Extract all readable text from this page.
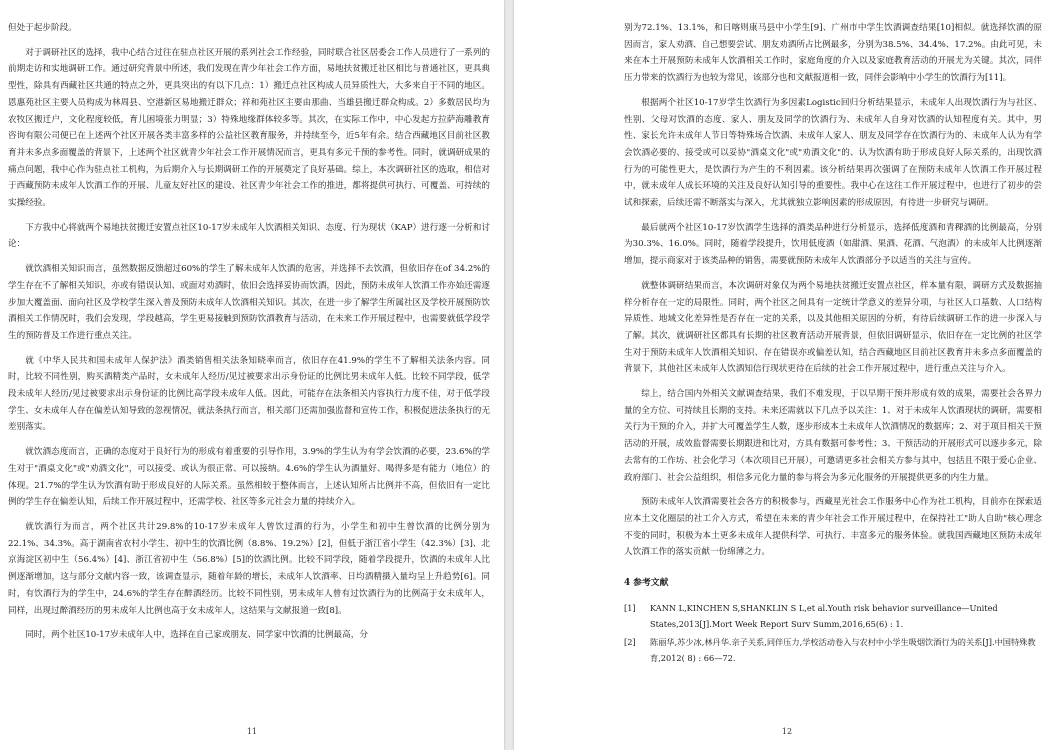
但处于起步阶段。

对于调研社区的选择，我中心结合过往在驻点社区开展的系列社会工作经验，同时联合社区居委会工作人员进行了一系列的前期走访和实地调研工作。通过研究背景中所述，我们发现在青少年社会工作方面，易地扶贫搬迁社区相比与普通社区，更具典型性，除具有西藏社区共通的特点之外，更具突出的有以下几点：1）搬迁点社区构成人员异质性大，大多来自于不同的地区。恩惠苑社区主要人员构成为林周县、空港新区易地搬迁群众；祥和苑社区主要由那曲、当雄县搬迁群众构成。2）多数居民均为农牧区搬迁户，文化程度较低，育儿困境张力明显；3）特殊地缘群体较多等。其次，在实际工作中，中心发起方拉萨海雕教育咨询有限公司便已在上述两个社区开展各类丰富多样的公益社区教育服务，并持续至今，近5年有余。结合西藏地区目前社区教育并未多点多面覆盖的背景下，上述两个社区就青少年社会工作开展情况而言，更具有多元千预的参考性。同时，就调研成果的痛点问题，我中心作为驻点社工机构，为后期介入与长期调研工作的开展奠定了良好基础。综上，本次调研社区的选取，相信对于西藏预防未成年人饮酒工作的开展、儿童友好社区的建设、社区青少年社会工作的推进，都将提供可执行、可覆盖、可持续的实操经验。

下方我中心将就两个易地扶贫搬迁安置点社区10-17岁未成年人饮酒相关知识、态度、行为现状（KAP）进行逐一分析和讨论：

就饮酒相关知识而言，虽然数据反馈超过60%的学生了解未成年人饮酒的危害，并选择不去饮酒，但依旧存在of 34.2%的学生存在不了解相关知识，亦或有错误认知、或面对劝酒时，依旧会选择妥协而饮酒，因此，预防未成年人饮酒工作亦始还需逐步加大覆盖面、面向社区及学校学生深入普及预防未成年人饮酒相关知识。其次，在进一步了解学生所属社区及学校开展预防饮酒相关工作情况时，我们会发现，学段越高，学生更易接触到预防饮酒教育与活动，在未来工作开展过程中，也需要就低学段学生的预防普及工作进行重点关注。

就《中华人民共和国未成年人保护法》酒类销售相关法条知晓率而言，依旧存在41.9%的学生不了解相关法条内容。同时，比较不同性别，购买酒精类产品时，女未成年人经历/见过被要求出示身份证的比例比男未成年人低。比较不同学段，低学段未成年人经历/见过被要求出示身份证的比例比高学段未成年人低。因此，可能存在法条相关内容执行力度不佳，对于低学段学生、女未成年人存在偏差认知导致的忽视情况，就法条执行而言，相关部门还需加强监督和宣传工作，积极促进法条执行的无差别落实。

就饮酒态度而言，正确的态度对于良好行为的形成有着重要的引导作用，3.9%的学生认为有学会饮酒的必要，23.6%的学生对于"酒桌文化"或"劝酒文化"，可以接受、或认为很正常、可以接纳。4.6%的学生认为酒量好、喝得多是有能力（地位）的体现。21.7%的学生认为饮酒有助于形成良好的人际关系。虽然相较于整体而言，上述认知所占比例并不高，但依旧有一定比例的学生存在偏差认知，后续工作开展过程中，还需学校、社区等多元社会力量的持续介入。

就饮酒行为而言，两个社区共计29.8%的10-17岁未成年人曾饮过酒的行为，小学生和初中生曾饮酒的比例分别为22.1%、34.3%。高于湖南省农村小学生、初中生的饮酒比例（8.8%、19.2%）[2]，但低于浙江省小学生（42.3%）[3]、北京海淀区初中生（56.4%）[4]、浙江省初中生（56.8%）[5]的饮酒比例。比较不同学段，随着学段提升，饮酒的未成年人比例逐渐增加，这与部分文献内容一致，该调查显示，随着年龄的增长，未成年人饮酒率、日均酒精摄入量均呈上升趋势[6]。同时，有饮酒行为的学生中，24.6%的学生存在醉酒经历。比较不同性别，男未成年人曾有过饮酒行为的比例高于女未成年人，同样，出现过醉酒经历的男未成年人比例也高于女未成年人，这结果与文献报道一致[8]。

同时，两个社区10-17岁未成年人中，选择在自己家或朋友、同学家中饮酒的比例最高，分

11

别为72.1%、13.1%，和日喀则康马县中小学生[9]、广州市中学生饮酒调查结果[10]相似。就选择饮酒的原因而言，家人劝酒、自己想要尝试、朋友劝酒所占比例最多，分别为38.5%、34.4%、17.2%。由此可见，未来在本土开展预防未成年人饮酒相关工作时，家庭角度的介入以及家庭教育活动的开展尤为关键。其次，同伴压力带来的饮酒行为也较为常见，该部分也和文献报道相一致，同伴会影响中小学生的饮酒行为[11]。

根据两个社区10-17岁学生饮酒行为多因素Logistic回归分析结果显示，未成年人出现饮酒行为与社区、性别、父母对饮酒的态度、家人、朋友及同学的饮酒行为、未成年人自身对饮酒的认知程度有关。其中，男性、家长允许未成年人节日等特殊场合饮酒、未成年人家人、朋友及同学存在饮酒行为的、未成年人认为有学会饮酒必要的、接受或可以妥协"酒桌文化"或"劝酒文化"的、认为饮酒有助于形成良好人际关系的，出现饮酒行为的可能性更大，是饮酒行为产生的不利因素。该分析结果再次强调了在预防未成年人饮酒工作开展过程中，就未成年人成长环境的关注及良好认知引导的重要性。我中心在这往工作开展过程中，也进行了初步的尝试和探索，后续还需不断落实与深入，尤其就独立影响因素的形成原因，有待进一步研究与调研。

最后就两个社区10-17岁饮酒学生选择的酒类品种进行分析显示，选择低度酒和青稞酒的比例最高，分别为30.3%、16.0%。同时，随着学段提升，饮用低度酒（如甜酒、果酒、花酒、气泡酒）的未成年人比例逐渐增加，提示商家对于该类品种的销售，需要就预防未成年人饮酒部分予以适当的关注与宣传。

就整体调研结果而言，本次调研对象仅为两个易地扶贫搬迁安置点社区，样本量有限，调研方式及数据抽样分析存在一定的局限性。同时，两个社区之间具有一定统计学意义的差异分项，与社区人口基数、人口结构异质性、地域文化差异性是否存在一定的关系，以及其他相关原因的分析，有待后续调研工作的进一步深入与了解。其次，就调研社区都具有长期的社区教育活动开展背景，但依旧调研显示，依旧存在一定比例的社区学生对于预防未成年人饮酒相关知识、存在错误亦或偏差认知，结合西藏地区目前社区教育并未多点多面覆盖的背景下，其他社区未成年人饮酒知信行现状更待在后续的社会工作开展过程中，进行重点关注与介入。

综上，结合国内外相关文献调查结果，我们不难发现，于以早期干预并形成有效的成果，需要社会各界力量的全方位、可持续且长期的支持。未来还需就以下几点予以关注：1、对于未成年人饮酒现状的调研，需要相关行为干预的介入，并扩大可覆盖学生人数，逐步形成本土未成年人饮酒情况的数据库；2、对于项目相关干预活动的开展，成效监督需要长期跟进和比对，方具有数据可参考性；3、干预活动的开展形式可以逐步多元，除去常有的工作坊、社会化学习（本次项目已开展），可邀请更多社会相关方参与其中，包括且不限于爱心企业、政府部门、社会公益组织，相信多元化力量的参与将会为多元化服务的开展提供更多的内生力量。

预防未成年人饮酒需要社会各方的积极参与，西藏星光社会工作服务中心作为社工机构，目前亦在探索适应本土文化圈层的社工介入方式，希望在未来的青少年社会工作开展过程中，在保持社工"助人自助"核心理念不变的同时，积极为本土更多未成年人提供科学、可执行、丰富多元的服务体验。就我国西藏地区预防未成年人饮酒工作的落实贡献一份绵薄之力。

4 参考文献
[1]	KANN L,KINCHEN S,SHANKLIN S L,et al.Youth risk behavior surveillance—United States,2013[J].Mort Week Report Surv Summ,2016,65(6) : 1.
[2]	陈丽华,苏少冰,林丹华.亲子关系,同伴压力,学校活动卷入与农村中小学生吸烟饮酒行为的关系[J].中国特殊教育,2012( 8) : 66—72.
12
